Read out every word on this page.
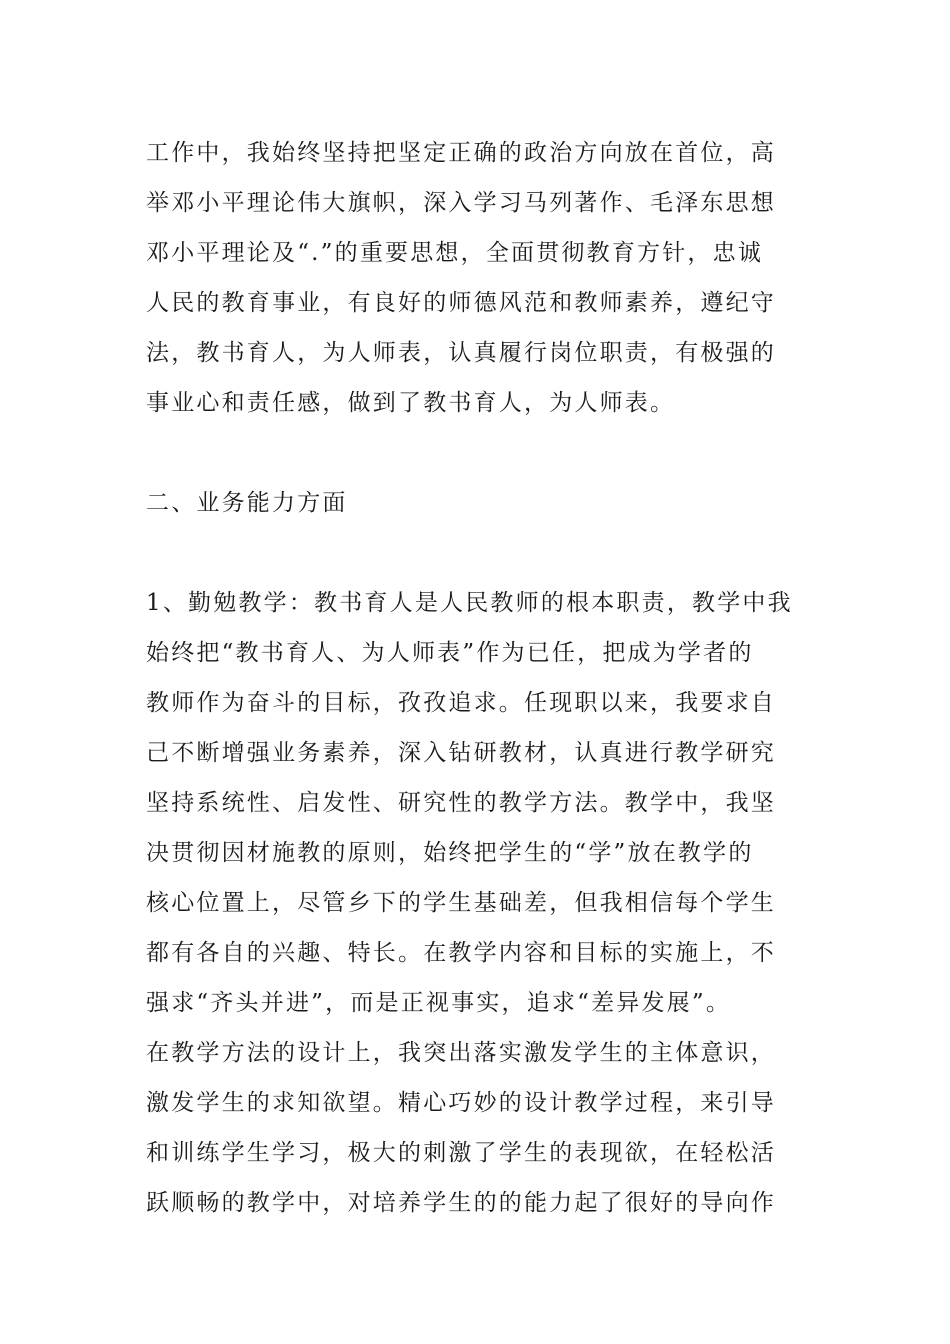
工作中，我始终坚持把坚定正确的政治方向放在首位，高
举邓小平理论伟大旗帜，深入学习马列著作、毛泽东思想
邓小平理论及“.”的重要思想，全面贯彻教育方针，忠诚
人民的教育事业，有良好的师德风范和教师素养，遵纪守
法，教书育人，为人师表，认真履行岗位职责，有极强的
事业心和责任感，做到了教书育人，为人师表。
二、业务能力方面
1、勤勉教学：教书育人是人民教师的根本职责，教学中我
始终把“教书育人、为人师表”作为已任，把成为学者的
教师作为奋斗的目标，孜孜追求。任现职以来，我要求自
己不断增强业务素养，深入钻研教材，认真进行教学研究
坚持系统性、启发性、研究性的教学方法。教学中，我坚
决贯彻因材施教的原则，始终把学生的“学”放在教学的
核心位置上，尽管乡下的学生基础差，但我相信每个学生
都有各自的兴趣、特长。在教学内容和目标的实施上，不
强求“齐头并进”，而是正视事实，追求“差异发展”。
在教学方法的设计上，我突出落实激发学生的主体意识，
激发学生的求知欲望。精心巧妙的设计教学过程，来引导
和训练学生学习，极大的刺激了学生的表现欲，在轻松活
跃顺畅的教学中，对培养学生的的能力起了很好的导向作
